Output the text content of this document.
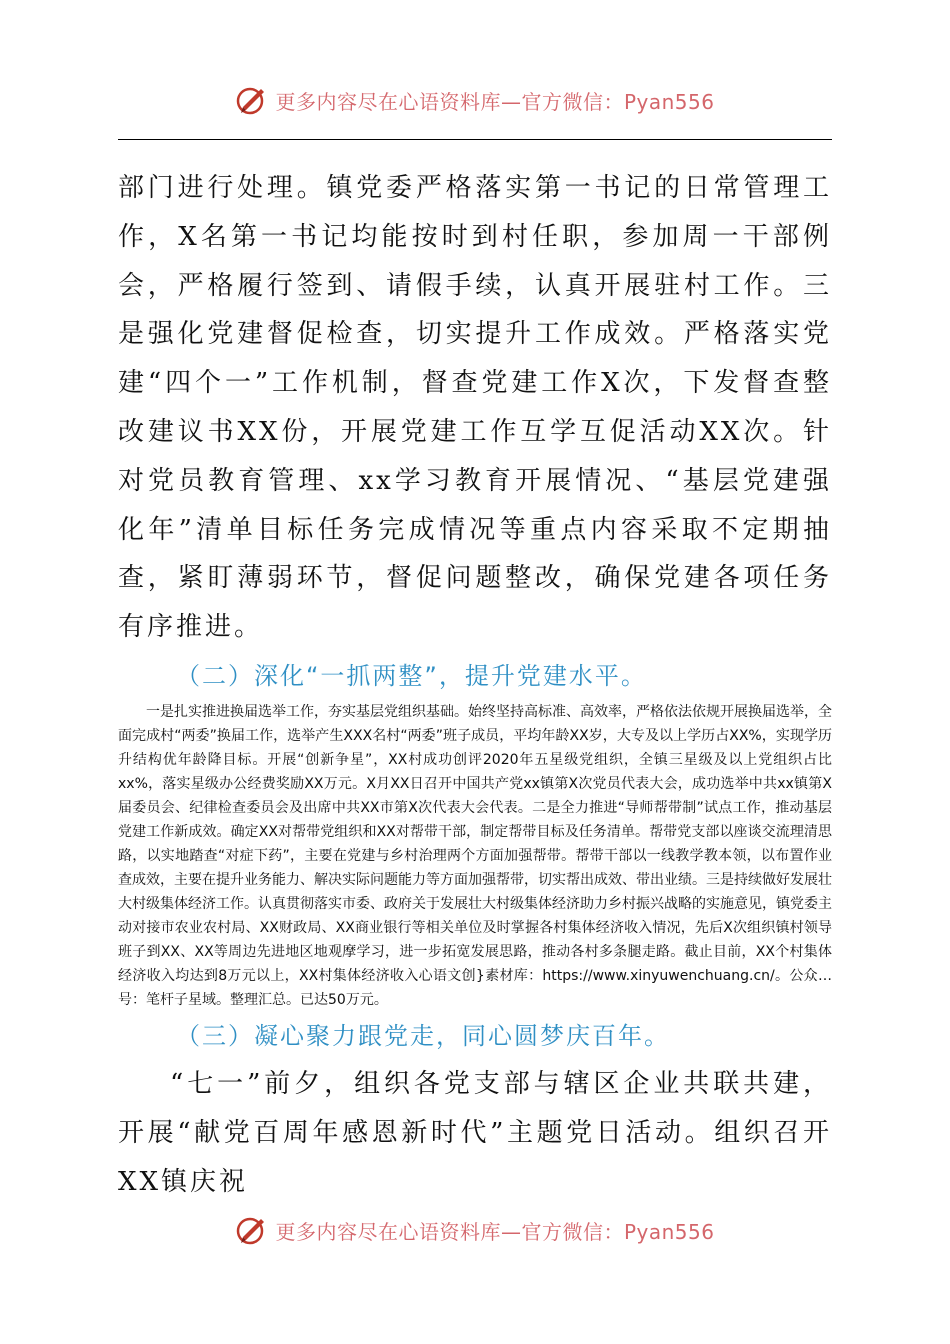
更多内容尽在心语资料库—官方微信：Pyan556

部门进行处理。镇党委严格落实第一书记的日常管理工作，X名第一书记均能按时到村任职，参加周一干部例会，严格履行签到、请假手续，认真开展驻村工作。三是强化党建督促检查，切实提升工作成效。严格落实党建“四个一”工作机制，督查党建工作X次，下发督查整改建议书XX份，开展党建工作互学互促活动XX次。针对党员教育管理、xx学习教育开展情况、“基层党建强化年”清单目标任务完成情况等重点内容采取不定期抽查，紧盯薄弱环节，督促问题整改，确保党建各项任务有序推进。

（二）深化“一抓两整”，提升党建水平。

一是扎实推进换届选举工作，夯实基层党组织基础。始终坚持高标准、高效率，严格依法依规开展换届选举，全面完成村“两委”换届工作，选举产生XXX名村“两委”班子成员，平均年龄XX岁，大专及以上学历占XX%，实现学历升结构优年龄降目标。开展“创新争星”，XX村成功创评2020年五星级党组织，全镇三星级及以上党组织占比xx%，落实星级办公经费奖励XX万元。X月XX日召开中国共产党xx镇第X次党员代表大会，成功选举中共xx镇第X届委员会、纪律检查委员会及出席中共XX市第X次代表大会代表。二是全力推进“导师帮带制”试点工作，推动基层党建工作新成效。确定XX对帮带党组织和XX对帮带干部，制定帮带目标及任务清单。帮带党支部以座谈交流理清思路，以实地踏查“对症下药”，主要在党建与乡村治理两个方面加强帮带。帮带干部以一线教学教本领，以布置作业查成效，主要在提升业务能力、解决实际问题能力等方面加强帮带，切实帮出成效、带出业绩。三是持续做好发展壮大村级集体经济工作。认真贯彻落实市委、政府关于发展壮大村级集体经济助力乡村振兴战略的实施意见，镇党委主动对接市农业农村局、XX财政局、XX商业银行等相关单位及时掌握各村集体经济收入情况，先后X次组织镇村领导班子到XX、XX等周边先进地区地观摩学习，进一步拓宽发展思路，推动各村多条腿走路。截止目前，XX个村集体经济收入均达到8万元以上，XX村集体经济收入心语文创}素材库：https://www.xinyuwenchuang.cn/。公众…号：笔杆子星域。整理汇总。已达50万元。

（三）凝心聚力跟党走，同心圆梦庆百年。

“七一”前夕，组织各党支部与辖区企业共联共建，开展“献党百周年感恩新时代”主题党日活动。组织召开XX镇庆祝

更多内容尽在心语资料库—官方微信：Pyan556
